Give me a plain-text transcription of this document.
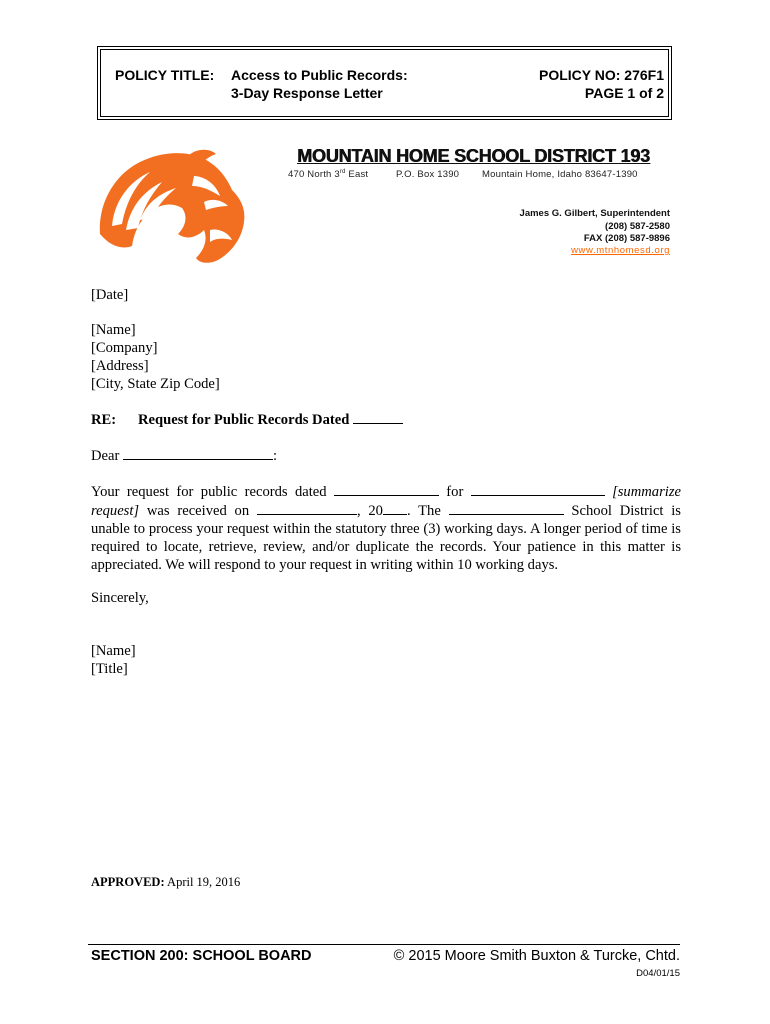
POLICY TITLE: Access to Public Records:
3-Day Response Letter
POLICY NO: 276F1
PAGE 1 of 2
MOUNTAIN HOME SCHOOL DISTRICT 193
470 North 3rd East	P.O. Box 1390 Mountain Home, Idaho 83647-1390
James G. Gilbert, Superintendent
(208) 587-2580
FAX (208) 587-9896
www.mtnhomesd.org
[Date]
[Name]
[Company]
[Address]
[City, State Zip Code]
RE: Request for Public Records Dated
Dear	:
Your request for public records dated	for	[summarize request] was received on	, 20 . The	School District is unable to process your request within the statutory three (3) working days. A longer period of time is required to locate, retrieve, review, and/or duplicate the records. Your patience in this matter is appreciated. We will respond to your request in writing within 10 working days.
Sincerely,
[Name]
[Title]
APPROVED: April 19, 2016
SECTION 200: SCHOOL BOARD	© 2015 Moore Smith Buxton & Turcke, Chtd.
D04/01/15
